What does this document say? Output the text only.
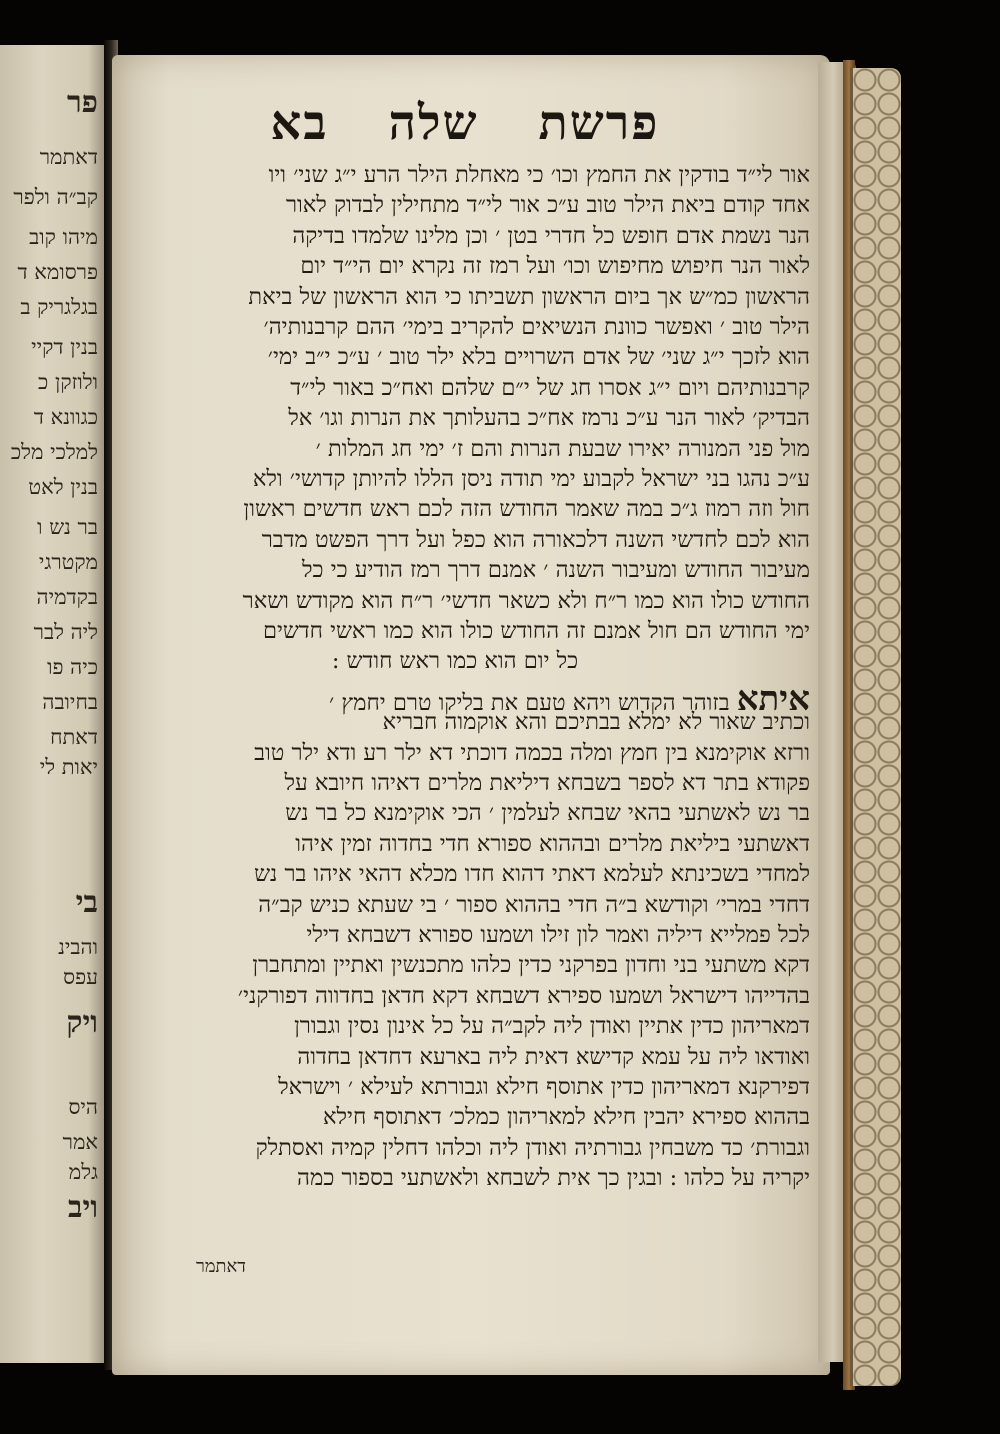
פר
דאתמר
קב״ה ולפר
מיהו קוב
פרסומא ד
בגלגריק ב
בנין דקיי
ולוזקן כ
כגוונא ד
למלכי מלכ
בנין לאט
בר נש ו
מקטרגי
בקדמיה
ליה לבר
כיה פו
בחיובה
דאתח
יאות לי
בי
והבינ
עפס
ויק
היס
אמר
גלמ
ויב
פרשת
שלה
בא
אור לי״ד בודקין את החמץ וכו׳ כי מאחלת הילר הרע י״ג שני׳ ויו
אחד קודם ביאת הילר טוב ע״כ אור לי״ד מתחילין לבדוק לאור
הנר נשמת אדם חופש כל חדרי בטן ׳ וכן מלינו שלמדו בדיקה
לאור הנר חיפוש מחיפוש וכו׳ ועל רמז זה נקרא יום הי״ד יום
הראשון כמ״ש אך ביום הראשון תשביתו כי הוא הראשון של ביאת
הילר טוב ׳ ואפשר כוונת הנשיאים להקריב בימי׳ ההם קרבנותיה׳
הוא לזכך י״ג שני׳ של אדם השרויים בלא ילר טוב ׳ ע״כ י״ב ימי׳
קרבנותיהם ויום י״ג אסרו חג של י״ם שלהם ואח״כ באור לי״ד
הבדיק׳ לאור הנר ע״כ נרמז אח״כ בהעלותך את הנרות וגו׳ אל
מול פני המנורה יאירו שבעת הנרות והם ז׳ ימי חג המלות ׳
ע״כ נהגו בני ישראל לקבוע ימי תודה ניסן הללו להיותן קדושי׳ ולא
חול וזה רמוז ג״כ במה שאמר החודש הזה לכם ראש חדשים ראשון
הוא לכם לחדשי השנה דלכאורה הוא כפל ועל דרך הפשט מדבר
מעיבור החודש ומעיבור השנה ׳ אמנם דרך רמז הודיע כי כל
החודש כולו הוא כמו ר״ח ולא כשאר חדשי׳ ר״ח הוא מקודש ושאר
ימי החודש הם חול אמנם זה החודש כולו הוא כמו ראשי חדשים
כל יום הוא כמו ראש חודש :
איתא בזוהר הקדוש ויהא טעם את בליקו טרם יחמץ ׳
וכתיב שאור לא ימלא בבתיכם והא אוקמוה חבריא
ורזא אוקימנא בין חמץ ומלה בכמה דוכתי דא ילר רע ודא ילר טוב
פקודא בתר דא לספר בשבחא דיליאת מלרים דאיהו חיובא על
בר נש לאשתעי בהאי שבחא לעלמין ׳ הכי אוקימנא כל בר נש
דאשתעי ביליאת מלרים ובההוא ספורא חדי בחדוה זמין איהו
למחדי בשכינתא לעלמא דאתי דהוא חדו מכלא דהאי איהו בר נש
דחדי במרי׳ וקודשא ב״ה חדי בההוא ספור ׳ בי שעתא כניש קב״ה
לכל פמלייא דיליה ואמר לון זילו ושמעו ספורא דשבחא דילי
דקא משתעי בני וחדון בפרקני כדין כלהו מתכנשין ואתיין ומתחברן
בהדייהו דישראל ושמעו ספירא דשבחא דקא חדאן בחדווה דפורקני׳
דמאריהון כדין אתיין ואודן ליה לקב״ה על כל אינון נסין וגבורן
ואודאו ליה על עמא קדישא דאית ליה בארעא דחדאן בחדוה
דפירקנא דמאריהון כדין אתוסף חילא וגבורתא לעילא ׳ וישראל
בההוא ספירא יהבין חילא למאריהון כמלכ׳ דאתוסף חילא
וגבורת׳ כד משבחין גבורתיה ואודן ליה וכלהו דחלין קמיה ואסתלק
יקריה על כלהו : ובגין כך אית לשבחא ולאשתעי בספור כמה
דאתמר
